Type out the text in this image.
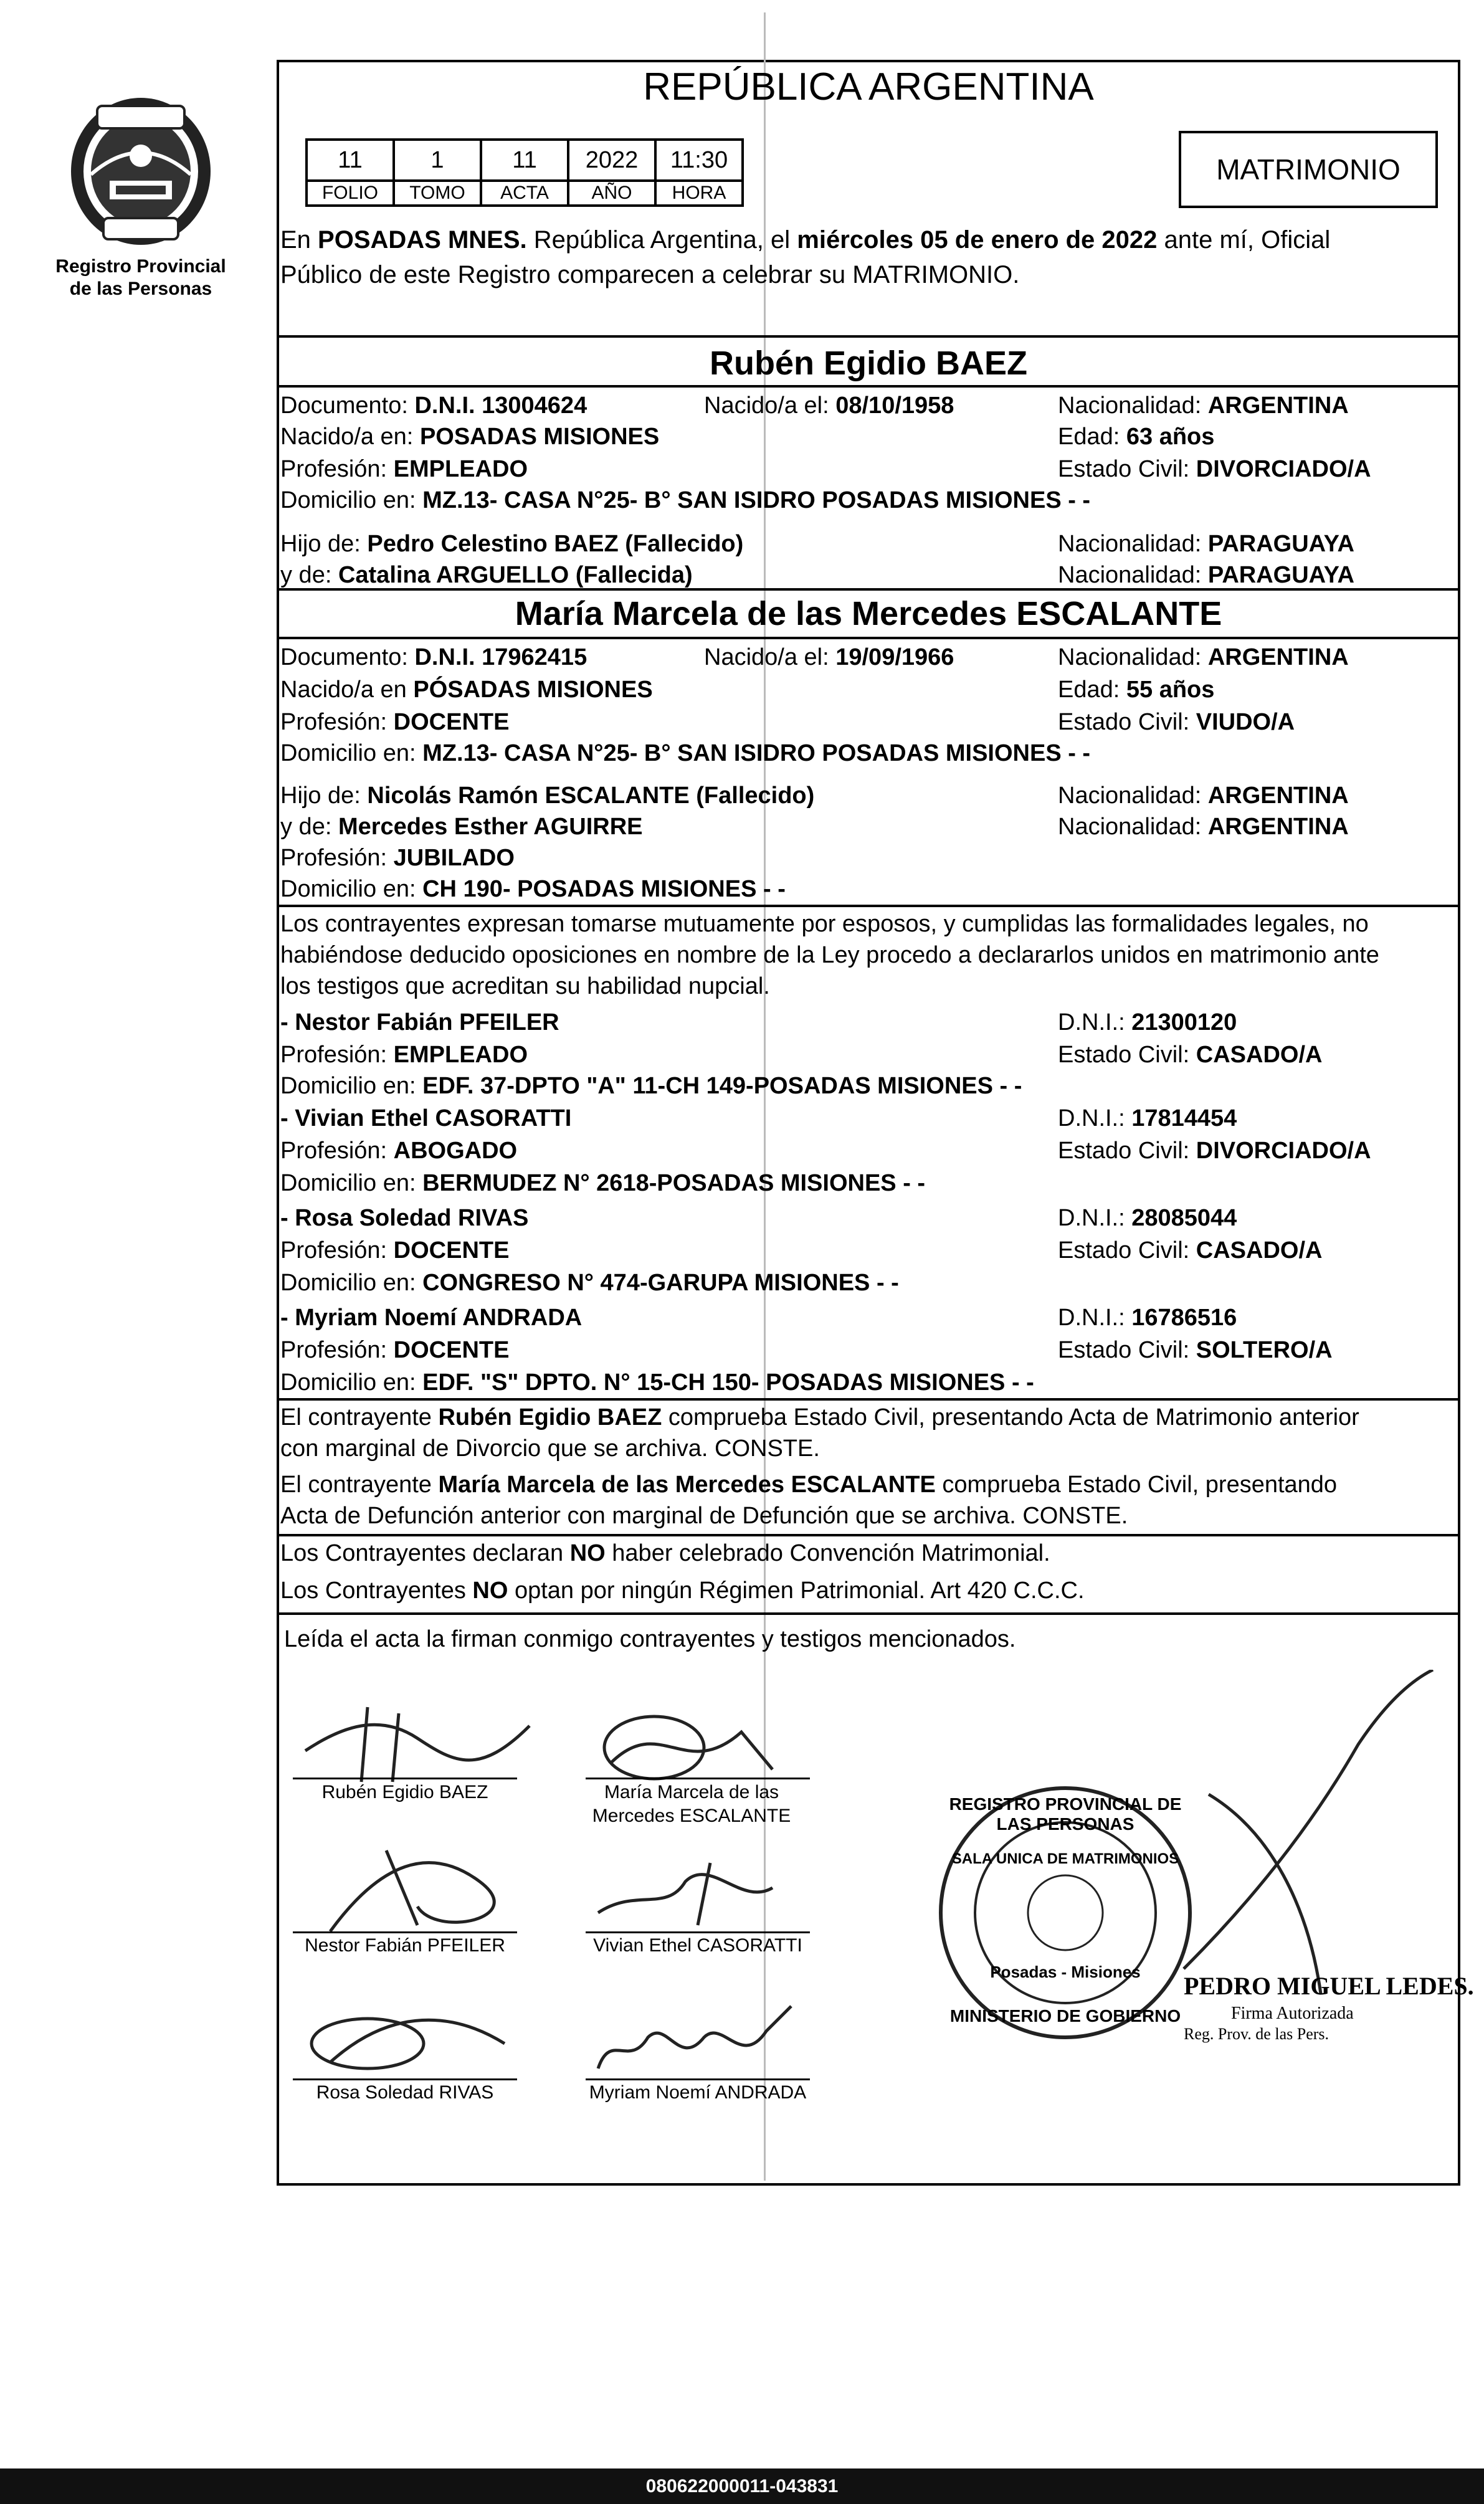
Registro Provincial
de las Personas
REPÚBLICA ARGENTINA
11	1	11	2022	11:30
FOLIO	TOMO	ACTA	AÑO	HORA
MATRIMONIO
En POSADAS MNES. República Argentina, el miércoles 05 de enero de 2022 ante mí, Oficial
Público de este Registro comparecen a celebrar su MATRIMONIO.
Rubén Egidio BAEZ
Documento: D.N.I. 13004624	Nacido/a el: 08/10/1958	Nacionalidad: ARGENTINA
Nacido/a en: POSADAS MISIONES	Edad: 63 años
Profesión: EMPLEADO	Estado Civil: DIVORCIADO/A
Domicilio en: MZ.13- CASA N°25- B° SAN ISIDRO POSADAS MISIONES - -
Hijo de: Pedro Celestino BAEZ (Fallecido)	Nacionalidad: PARAGUAYA
y de: Catalina ARGUELLO (Fallecida)	Nacionalidad: PARAGUAYA
María Marcela de las Mercedes ESCALANTE
Documento: D.N.I. 17962415	Nacido/a el: 19/09/1966	Nacionalidad: ARGENTINA
Nacido/a en PÓSADAS MISIONES	Edad: 55 años
Profesión: DOCENTE	Estado Civil: VIUDO/A
Domicilio en: MZ.13- CASA N°25- B° SAN ISIDRO POSADAS MISIONES - -
Hijo de: Nicolás Ramón ESCALANTE (Fallecido)	Nacionalidad: ARGENTINA
y de: Mercedes Esther AGUIRRE	Nacionalidad: ARGENTINA
Profesión: JUBILADO
Domicilio en: CH 190- POSADAS MISIONES - -
Los contrayentes expresan tomarse mutuamente por esposos, y cumplidas las formalidades legales, no
habiéndose deducido oposiciones en nombre de la Ley procedo a declararlos unidos en matrimonio ante
los testigos que acreditan su habilidad nupcial.
- Nestor Fabián PFEILER	D.N.I.: 21300120
Profesión: EMPLEADO	Estado Civil: CASADO/A
Domicilio en: EDF. 37-DPTO "A" 11-CH 149-POSADAS MISIONES - -
- Vivian Ethel CASORATTI	D.N.I.: 17814454
Profesión: ABOGADO	Estado Civil: DIVORCIADO/A
Domicilio en: BERMUDEZ N° 2618-POSADAS MISIONES - -
- Rosa Soledad RIVAS	D.N.I.: 28085044
Profesión: DOCENTE	Estado Civil: CASADO/A
Domicilio en: CONGRESO N° 474-GARUPA MISIONES - -
- Myriam Noemí ANDRADA	D.N.I.: 16786516
Profesión: DOCENTE	Estado Civil: SOLTERO/A
Domicilio en: EDF. "S" DPTO. N° 15-CH 150- POSADAS MISIONES - -
El contrayente Rubén Egidio BAEZ comprueba Estado Civil, presentando Acta de Matrimonio anterior
con marginal de Divorcio que se archiva. CONSTE.
El contrayente María Marcela de las Mercedes ESCALANTE comprueba Estado Civil, presentando
Acta de Defunción anterior con marginal de Defunción que se archiva. CONSTE.
Los Contrayentes declaran NO haber celebrado Convención Matrimonial.
Los Contrayentes NO optan por ningún Régimen Patrimonial. Art 420 C.C.C.
Leída el acta la firman conmigo contrayentes y testigos mencionados.
Rubén Egidio BAEZ	María Marcela de las Mercedes ESCALANTE
Nestor Fabián PFEILER	Vivian Ethel CASORATTI
Rosa Soledad RIVAS	Myriam Noemí ANDRADA
REGISTRO PROVINCIAL DE LAS PERSONAS
SALA UNICA DE MATRIMONIOS
Posadas - Misiones
MINISTERIO DE GOBIERNO
PEDRO MIGUEL LEDES.
Firma Autorizada
Reg. Prov. de las Pers.
080622000011-043831
